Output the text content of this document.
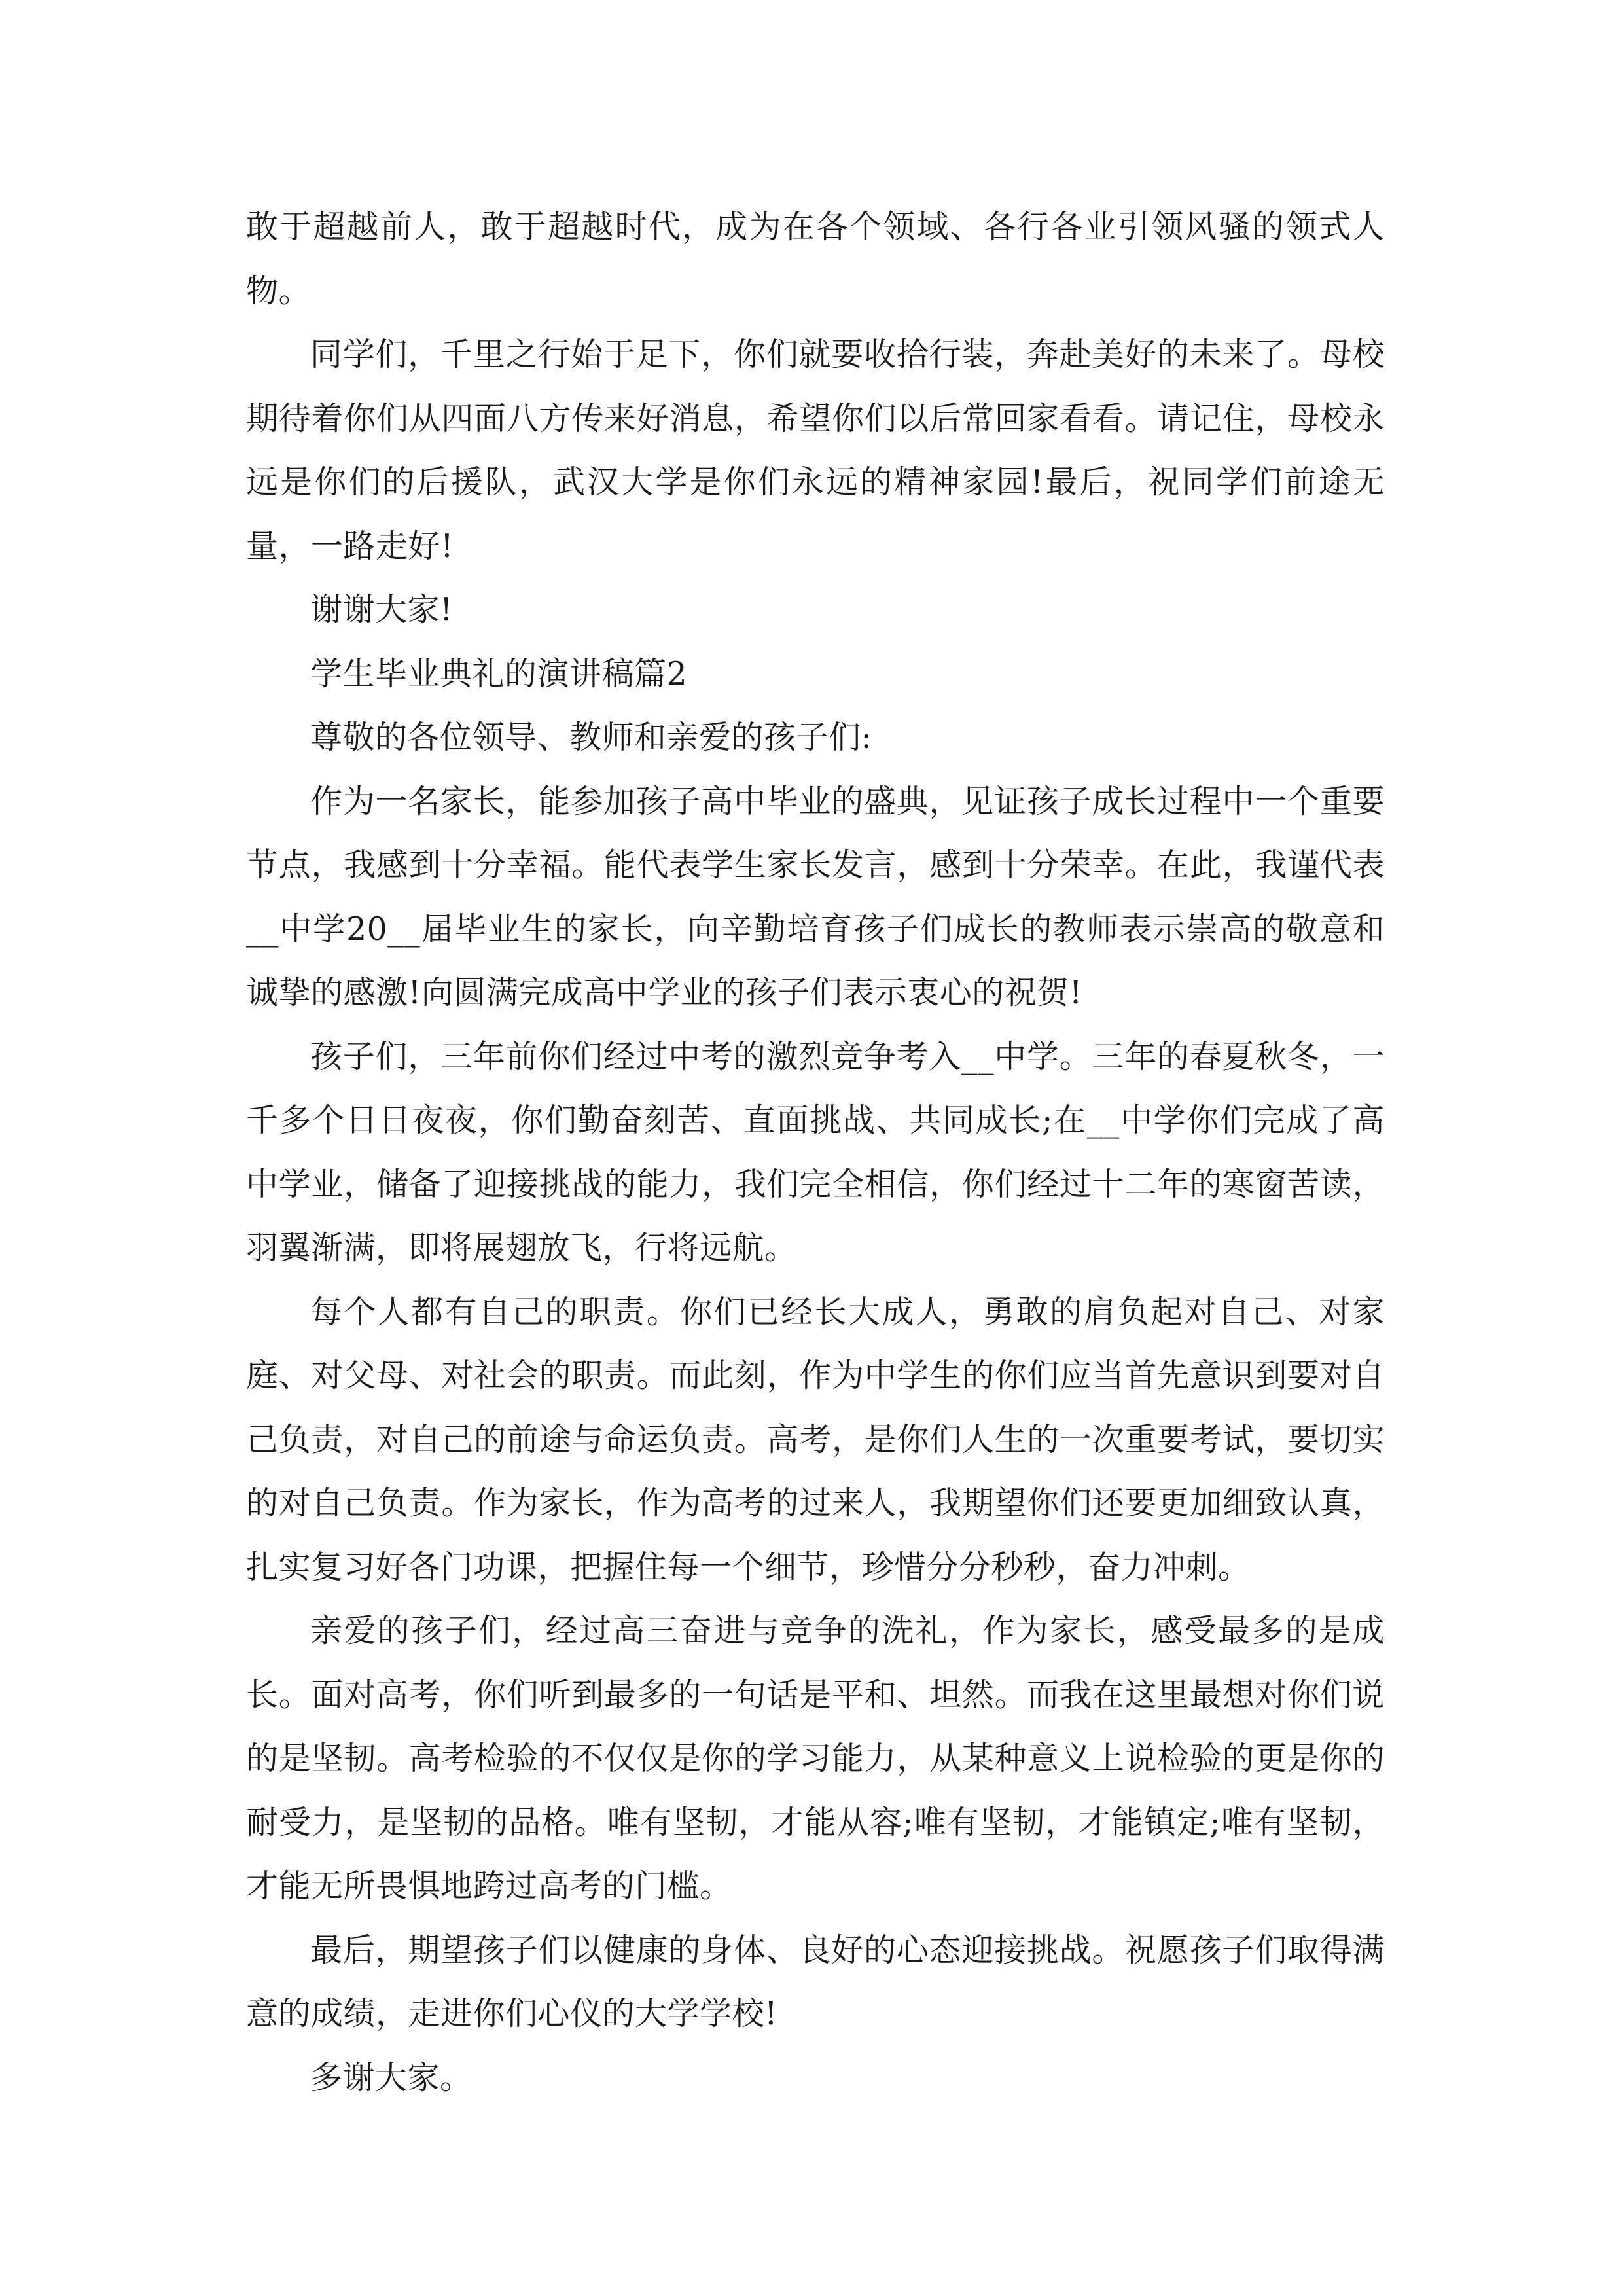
敢于超越前人，敢于超越时代，成为在各个领域、各行各业引领风骚的领式人物。

同学们，千里之行始于足下，你们就要收拾行装，奔赴美好的未来了。母校期待着你们从四面八方传来好消息，希望你们以后常回家看看。请记住，母校永远是你们的后援队，武汉大学是你们永远的精神家园!最后，祝同学们前途无量，一路走好!

谢谢大家!

学生毕业典礼的演讲稿篇2

尊敬的各位领导、教师和亲爱的孩子们:

作为一名家长，能参加孩子高中毕业的盛典，见证孩子成长过程中一个重要节点，我感到十分幸福。能代表学生家长发言，感到十分荣幸。在此，我谨代表__中学20__届毕业生的家长，向辛勤培育孩子们成长的教师表示崇高的敬意和诚挚的感激!向圆满完成高中学业的孩子们表示衷心的祝贺!

孩子们，三年前你们经过中考的激烈竞争考入__中学。三年的春夏秋冬，一千多个日日夜夜，你们勤奋刻苦、直面挑战、共同成长;在__中学你们完成了高中学业，储备了迎接挑战的能力，我们完全相信，你们经过十二年的寒窗苦读，羽翼渐满，即将展翅放飞，行将远航。

每个人都有自己的职责。你们已经长大成人，勇敢的肩负起对自己、对家庭、对父母、对社会的职责。而此刻，作为中学生的你们应当首先意识到要对自己负责，对自己的前途与命运负责。高考，是你们人生的一次重要考试，要切实的对自己负责。作为家长，作为高考的过来人，我期望你们还要更加细致认真，扎实复习好各门功课，把握住每一个细节，珍惜分分秒秒，奋力冲刺。

亲爱的孩子们，经过高三奋进与竞争的洗礼，作为家长，感受最多的是成长。面对高考，你们听到最多的一句话是平和、坦然。而我在这里最想对你们说的是坚韧。高考检验的不仅仅是你的学习能力，从某种意义上说检验的更是你的耐受力，是坚韧的品格。唯有坚韧，才能从容;唯有坚韧，才能镇定;唯有坚韧，才能无所畏惧地跨过高考的门槛。

最后，期望孩子们以健康的身体、良好的心态迎接挑战。祝愿孩子们取得满意的成绩，走进你们心仪的大学学校!

多谢大家。
